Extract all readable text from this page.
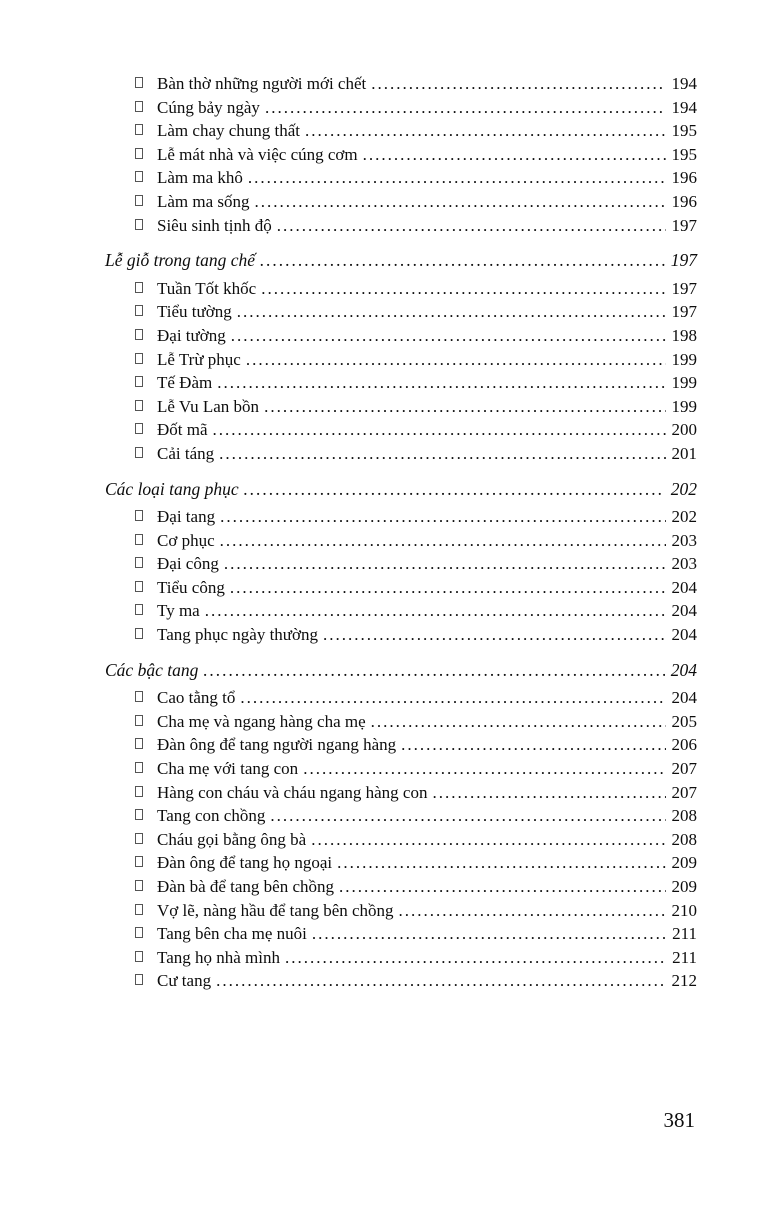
Bàn thờ những người mới chết .....	194
Cúng bảy ngày .....	194
Làm chay chung thất .....	195
Lễ mát nhà và việc cúng cơm .....	195
Làm ma khô .....	196
Làm ma sống .....	196
Siêu sinh tịnh độ .....	197
Lễ giỗ trong tang chế .....	197
Tuần Tốt khốc .....	197
Tiểu tường .....	197
Đại tường .....	198
Lễ Trừ phục .....	199
Tế Đàm .....	199
Lễ Vu Lan bồn .....	199
Đốt mã .....	200
Cải táng .....	201
Các loại tang phục .....	202
Đại tang .....	202
Cơ phục .....	203
Đại công .....	203
Tiểu công .....	204
Ty ma .....	204
Tang phục ngày thường .....	204
Các bậc tang .....	204
Cao tằng tổ .....	204
Cha mẹ và ngang hàng cha mẹ .....	205
Đàn ông để tang người ngang hàng .....	206
Cha mẹ với tang con .....	207
Hàng con cháu và cháu ngang hàng con .....	207
Tang con chồng .....	208
Cháu gọi bằng ông bà .....	208
Đàn ông để tang họ ngoại .....	209
Đàn bà để tang bên chồng .....	209
Vợ lẽ, nàng hầu để tang bên chồng .....	210
Tang bên cha mẹ nuôi .....	211
Tang họ nhà mình .....	211
Cư tang .....	212
381
